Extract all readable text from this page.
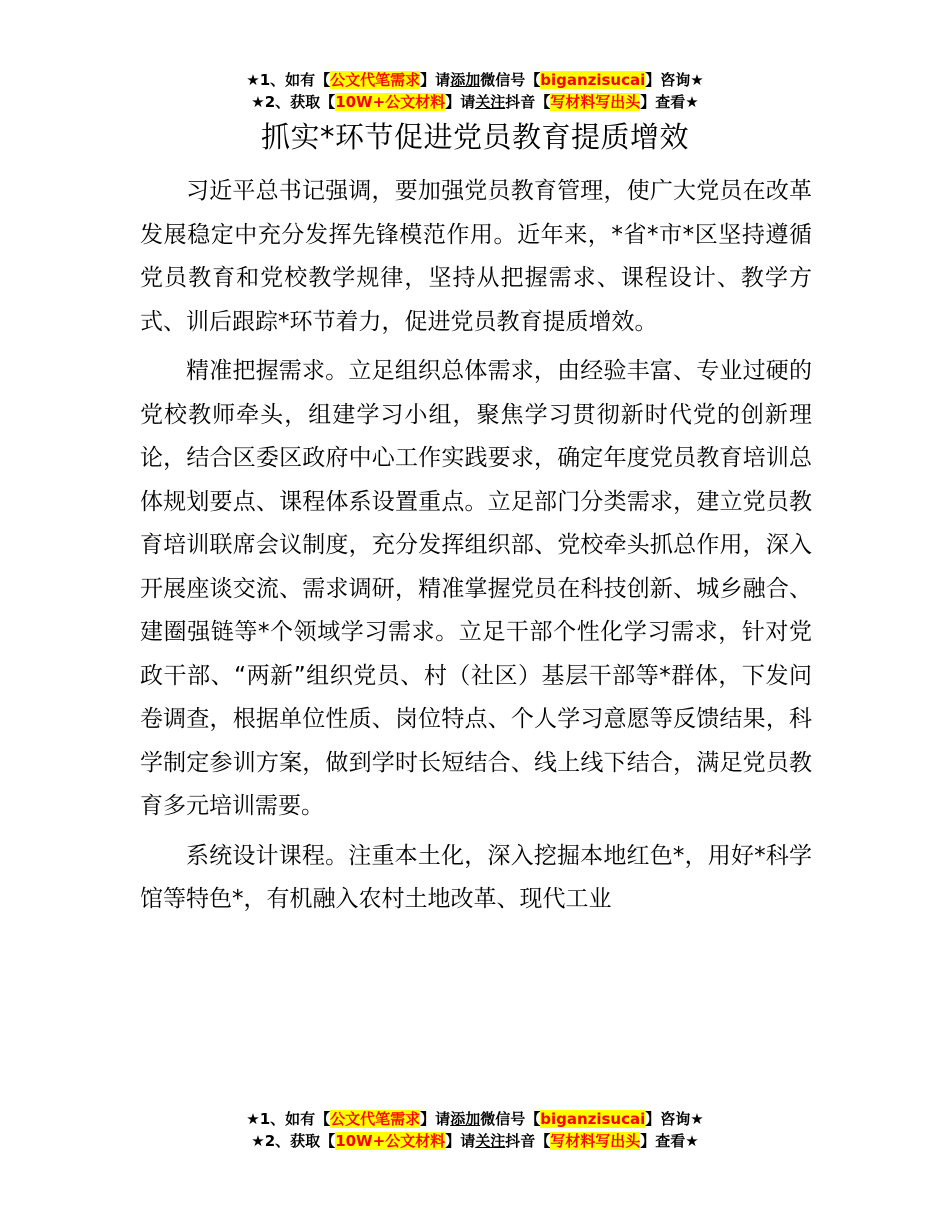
★1、如有【公文代笔需求】请添加微信号【biganzisucai】咨询★
★2、获取【10W+公文材料】请关注抖音【写材料写出头】查看★
抓实*环节促进党员教育提质增效

习近平总书记强调，要加强党员教育管理，使广大党员在改革发展稳定中充分发挥先锋模范作用。近年来，*省*市*区坚持遵循党员教育和党校教学规律，坚持从把握需求、课程设计、教学方式、训后跟踪*环节着力，促进党员教育提质增效。

精准把握需求。立足组织总体需求，由经验丰富、专业过硬的党校教师牵头，组建学习小组，聚焦学习贯彻新时代党的创新理论，结合区委区政府中心工作实践要求，确定年度党员教育培训总体规划要点、课程体系设置重点。立足部门分类需求，建立党员教育培训联席会议制度，充分发挥组织部、党校牵头抓总作用，深入开展座谈交流、需求调研，精准掌握党员在科技创新、城乡融合、建圈强链等*个领域学习需求。立足干部个性化学习需求，针对党政干部、“两新”组织党员、村（社区）基层干部等*群体，下发问卷调查，根据单位性质、岗位特点、个人学习意愿等反馈结果，科学制定参训方案，做到学时长短结合、线上线下结合，满足党员教育多元培训需要。

系统设计课程。注重本土化，深入挖掘本地红色*，用好*科学馆等特色*，有机融入农村土地改革、现代工业

★1、如有【公文代笔需求】请添加微信号【biganzisucai】咨询★
★2、获取【10W+公文材料】请关注抖音【写材料写出头】查看★
